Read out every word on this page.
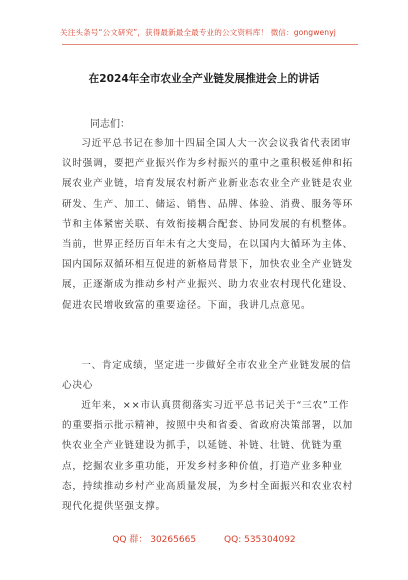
关注头条号“公文研究”，获得最新最全最专业的公文资料库！ 微信：gongwenyj
在2024年全市农业全产业链发展推进会上的讲话
同志们：
习近平总书记在参加十四届全国人大一次会议我省代表团审议时强调，要把产业振兴作为乡村振兴的重中之重积极延伸和拓展农业产业链，培育发展农村新产业新业态农业全产业链是农业研发、生产、加工、储运、销售、品牌、体验、消费、服务等环节和主体紧密关联、有效衔接耦合配套、协同发展的有机整体。当前，世界正经历百年未有之大变局，在以国内大循环为主体、国内国际双循环相互促进的新格局背景下，加快农业全产业链发展，正逐渐成为推动乡村产业振兴、助力农业农村现代化建设、促进农民增收致富的重要途径。下面，我讲几点意见。
一、肯定成绩，坚定进一步做好全市农业全产业链发展的信心决心
近年来，××市认真贯彻落实习近平总书记关于“三农”工作的重要指示批示精神，按照中央和省委、省政府决策部署，以加快农业全产业链建设为抓手，以延链、补链、壮链、优链为重点，挖掘农业多重功能，开发乡村多种价值，打造产业多种业态，持续推动乡村产业高质量发展，为乡村全面振兴和农业农村现代化提供坚强支撑。
QQ 群： 30265665	QQ: 535304092
